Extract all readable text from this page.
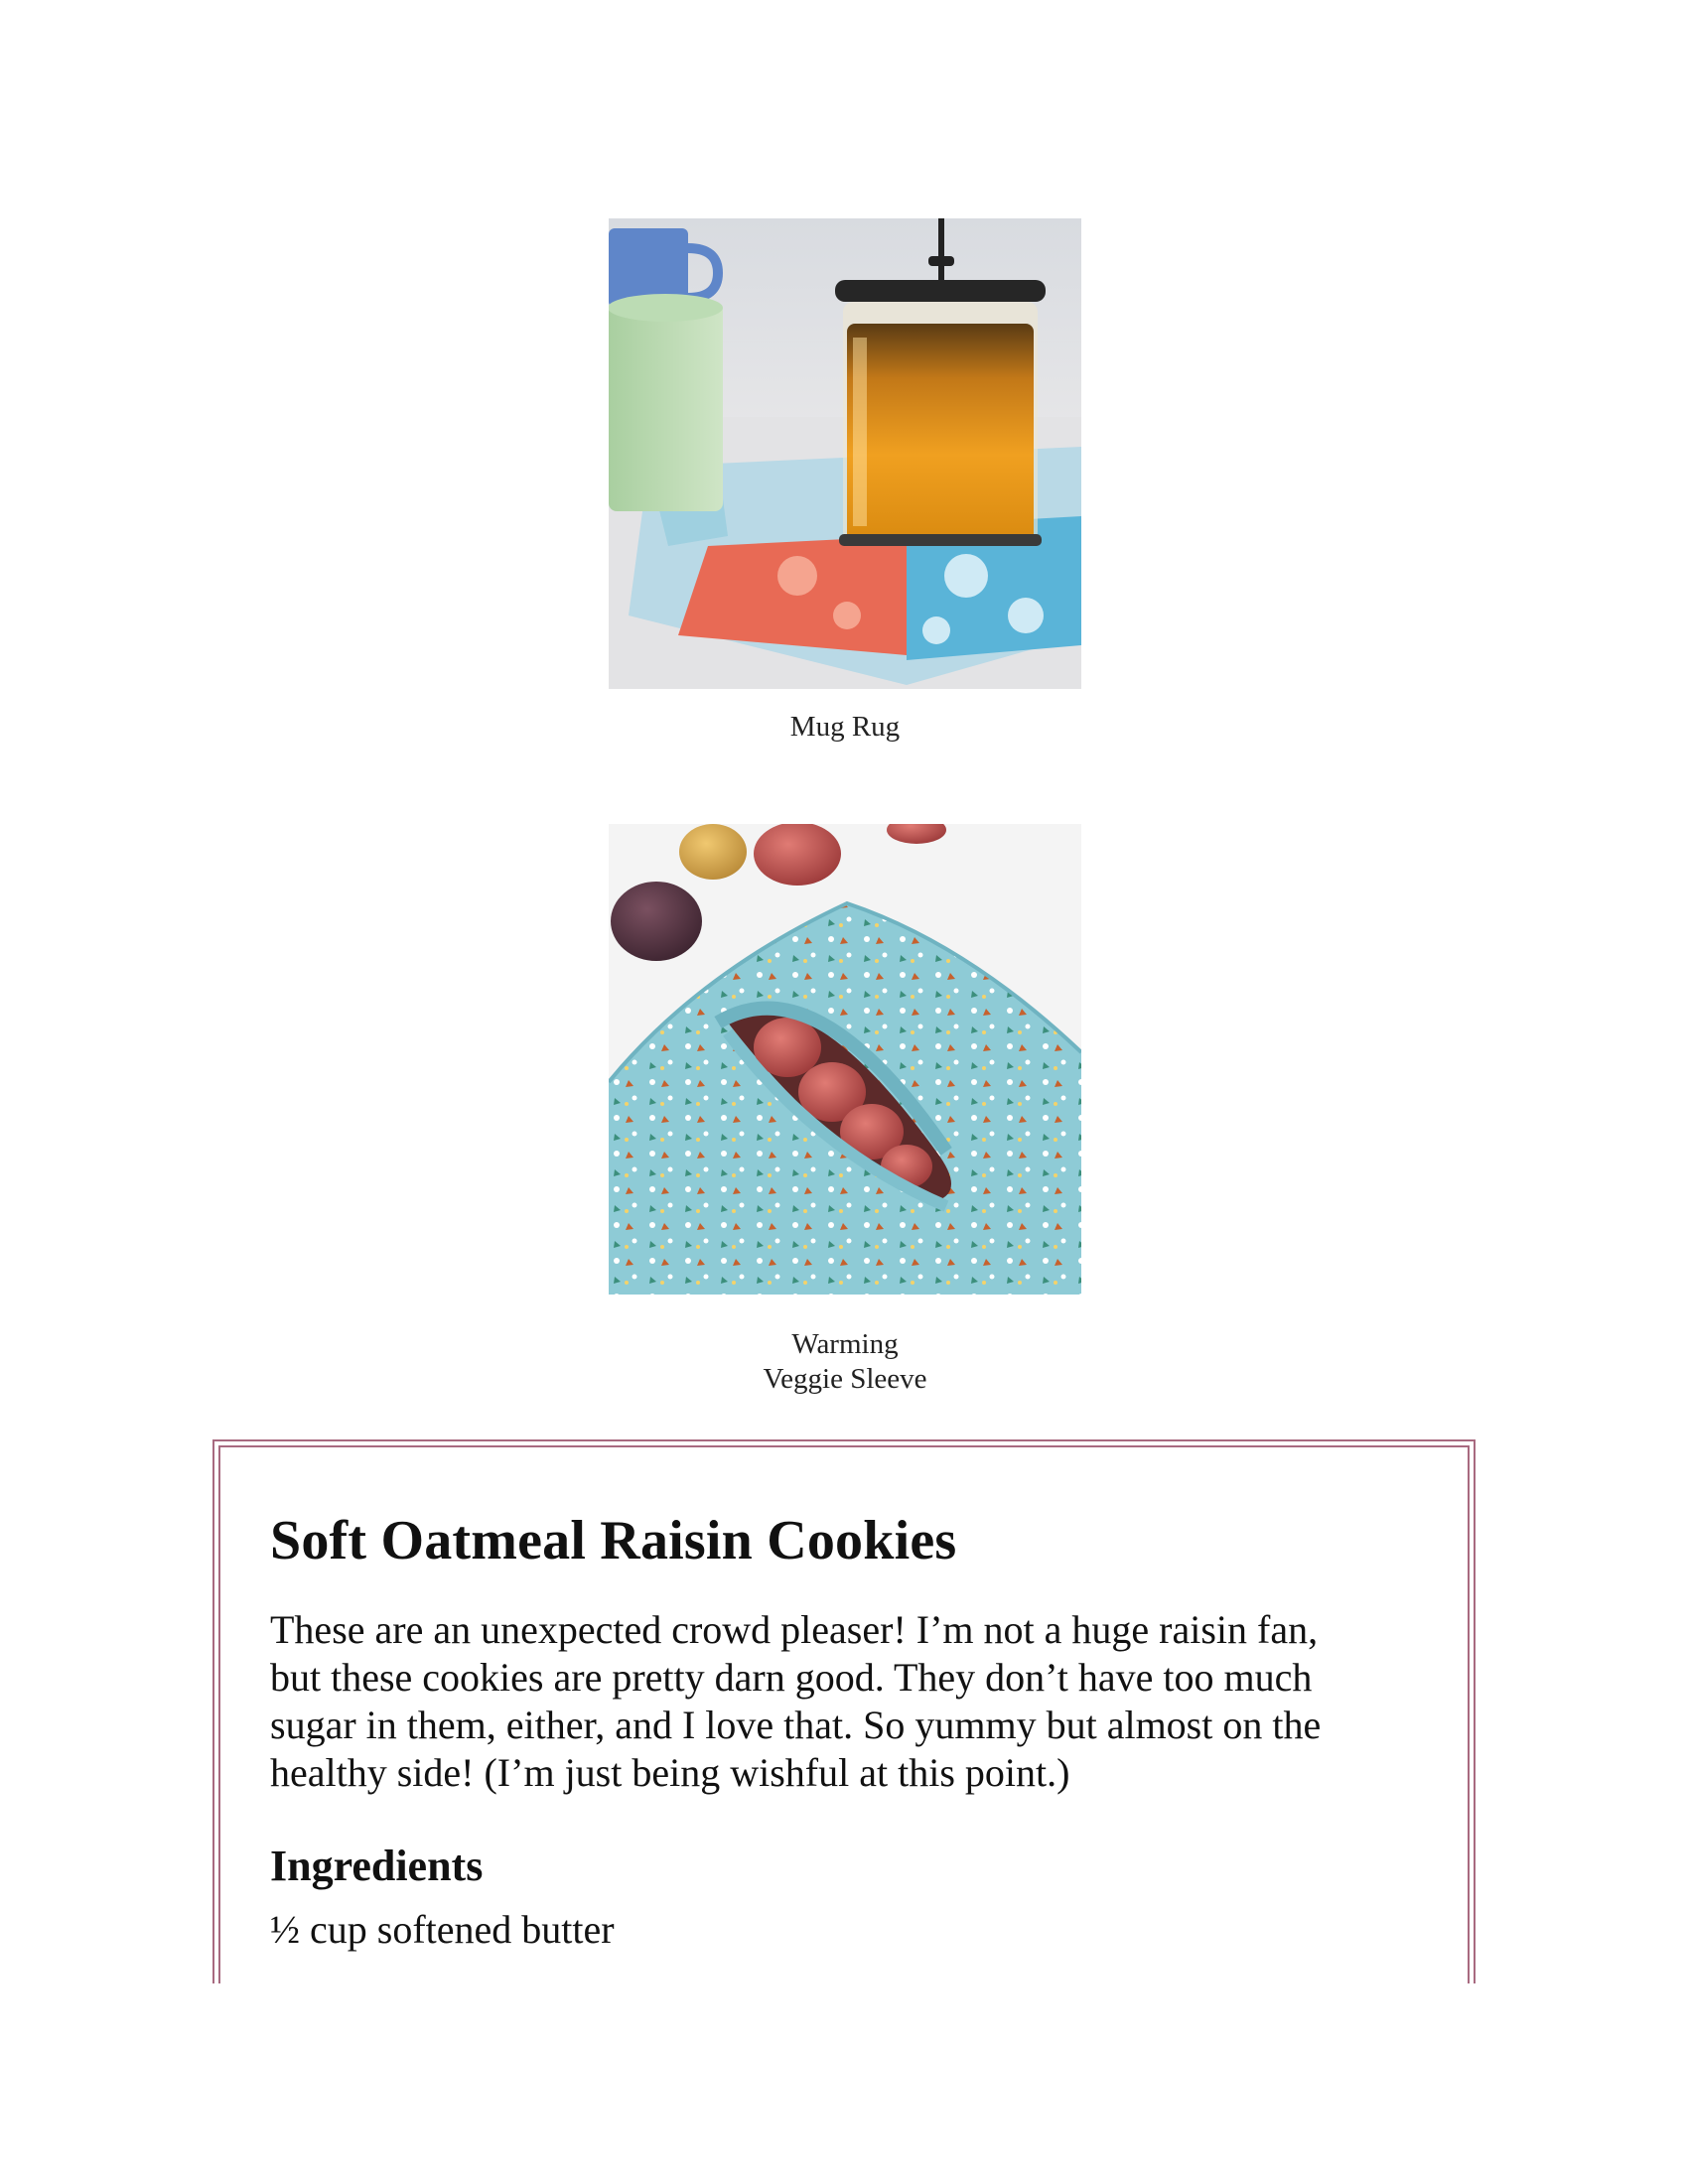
Mug Rug
Warming
Veggie Sleeve
Soft Oatmeal Raisin Cookies

These are an unexpected crowd pleaser! I’m not a huge raisin fan,
but these cookies are pretty darn good. They don’t have too much
sugar in them, either, and I love that. So yummy but almost on the
healthy side! (I’m just being wishful at this point.)

Ingredients
½ cup softened butter
